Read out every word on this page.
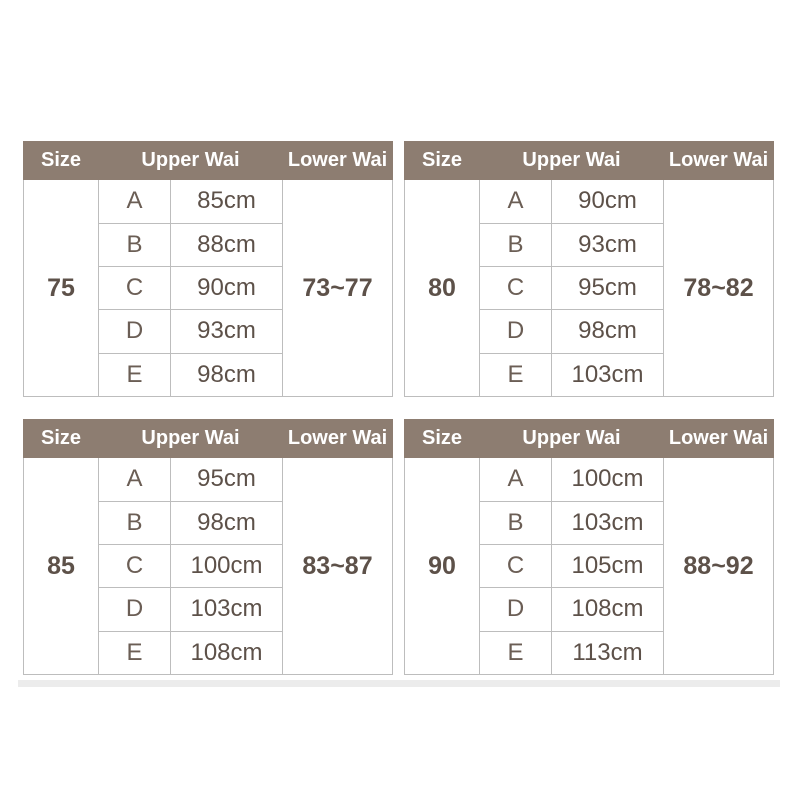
Size	Upper Wai		Lower Wai
75	A	85cm	73~77
	B	88cm	
	C	90cm	
	D	93cm	
	E	98cm	
Size	Upper Wai		Lower Wai
80	A	90cm	78~82
	B	93cm	
	C	95cm	
	D	98cm	
	E	103cm	
Size	Upper Wai		Lower Wai
85	A	95cm	83~87
	B	98cm	
	C	100cm	
	D	103cm	
	E	108cm	
Size	Upper Wai		Lower Wai
90	A	100cm	88~92
	B	103cm	
	C	105cm	
	D	108cm	
	E	113cm	
